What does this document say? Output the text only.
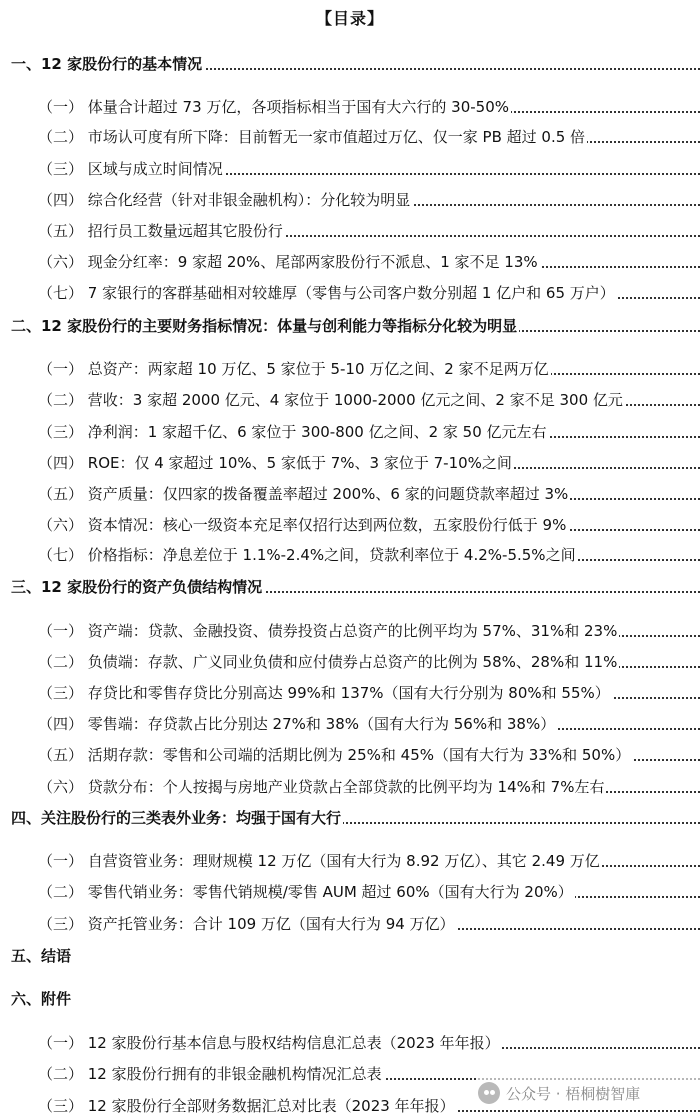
【目录】
一、12 家股份行的基本情况
（一） 体量合计超过 73 万亿，各项指标相当于国有大六行的 30-50%
（二） 市场认可度有所下降：目前暂无一家市值超过万亿、仅一家 PB 超过 0.5 倍
（三） 区域与成立时间情况
（四） 综合化经营（针对非银金融机构）：分化较为明显
（五） 招行员工数量远超其它股份行
（六） 现金分红率：9 家超 20%、尾部两家股份行不派息、1 家不足 13%
（七） 7 家银行的客群基础相对较雄厚（零售与公司客户数分别超 1 亿户和 65 万户）
二、12 家股份行的主要财务指标情况：体量与创利能力等指标分化较为明显
（一） 总资产：两家超 10 万亿、5 家位于 5-10 万亿之间、2 家不足两万亿
（二） 营收：3 家超 2000 亿元、4 家位于 1000-2000 亿元之间、2 家不足 300 亿元
（三） 净利润：1 家超千亿、6 家位于 300-800 亿之间、2 家 50 亿元左右
（四） ROE：仅 4 家超过 10%、5 家低于 7%、3 家位于 7-10%之间
（五） 资产质量：仅四家的拨备覆盖率超过 200%、6 家的问题贷款率超过 3%
（六） 资本情况：核心一级资本充足率仅招行达到两位数，五家股份行低于 9%
（七） 价格指标：净息差位于 1.1%-2.4%之间，贷款利率位于 4.2%-5.5%之间
三、12 家股份行的资产负债结构情况
（一） 资产端：贷款、金融投资、债券投资占总资产的比例平均为 57%、31%和 23%
（二） 负债端：存款、广义同业负债和应付债券占总资产的比例为 58%、28%和 11%
（三） 存贷比和零售存贷比分别高达 99%和 137%（国有大行分别为 80%和 55%）
（四） 零售端：存贷款占比分别达 27%和 38%（国有大行为 56%和 38%）
（五） 活期存款：零售和公司端的活期比例为 25%和 45%（国有大行为 33%和 50%）
（六） 贷款分布：个人按揭与房地产业贷款占全部贷款的比例平均为 14%和 7%左右
四、关注股份行的三类表外业务：均强于国有大行
（一） 自营资管业务：理财规模 12 万亿（国有大行为 8.92 万亿）、其它 2.49 万亿
（二） 零售代销业务：零售代销规模/零售 AUM 超过 60%（国有大行为 20%）
（三） 资产托管业务：合计 109 万亿（国有大行为 94 万亿）
五、结语
六、附件
（一） 12 家股份行基本信息与股权结构信息汇总表（2023 年年报）
（二） 12 家股份行拥有的非银金融机构情况汇总表
（三） 12 家股份行全部财务数据汇总对比表（2023 年年报）
公众号 · 梧桐樹智庫
